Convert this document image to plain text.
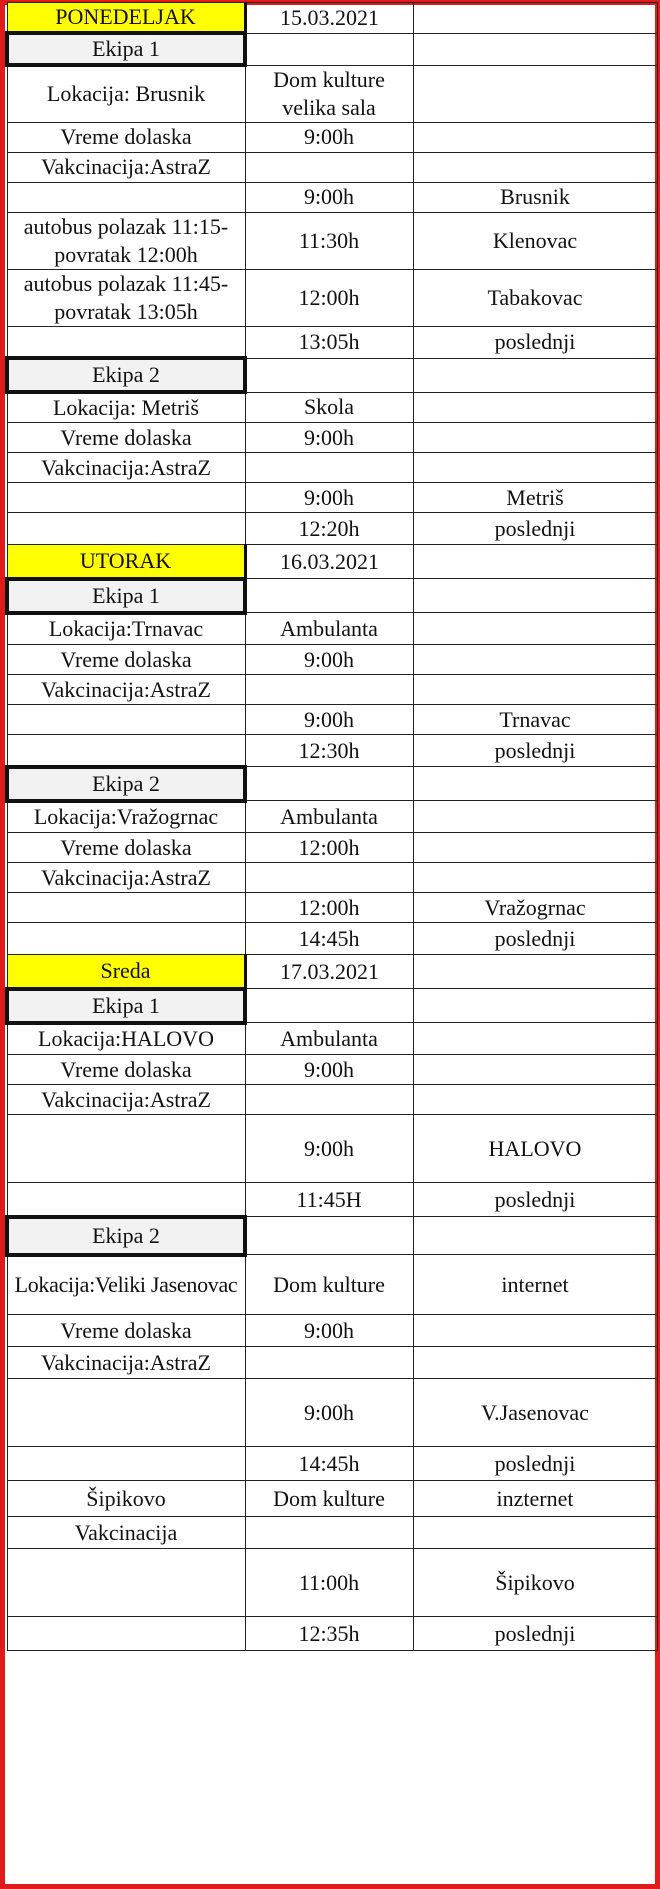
PONEDELJAK	15.03.2021	
Ekipa 1		
Lokacija: Brusnik	Dom kulture velika sala	
Vreme dolaska	9:00h	
Vakcinacija:AstraZ		
	9:00h	Brusnik
autobus polazak 11:15- povratak 12:00h	11:30h	Klenovac
autobus polazak 11:45- povratak 13:05h	12:00h	Tabakovac
	13:05h	poslednji
Ekipa 2		
Lokacija: Metriš	Skola	
Vreme dolaska	9:00h	
Vakcinacija:AstraZ		
	9:00h	Metriš
	12:20h	poslednji
UTORAK	16.03.2021	
Ekipa 1		
Lokacija:Trnavac	Ambulanta	
Vreme dolaska	9:00h	
Vakcinacija:AstraZ		
	9:00h	Trnavac
	12:30h	poslednji
Ekipa 2		
Lokacija:Vražogrnac	Ambulanta	
Vreme dolaska	12:00h	
Vakcinacija:AstraZ		
	12:00h	Vražogrnac
	14:45h	poslednji
Sreda	17.03.2021	
Ekipa 1		
Lokacija:HALOVO	Ambulanta	
Vreme dolaska	9:00h	
Vakcinacija:AstraZ		
	9:00h	HALOVO
	11:45H	poslednji
Ekipa 2		
Lokacija:Veliki Jasenovac	Dom kulture	internet
Vreme dolaska	9:00h	
Vakcinacija:AstraZ		
	9:00h	V.Jasenovac
	14:45h	poslednji
Šipikovo	Dom kulture	inzternet
Vakcinacija		
	11:00h	Šipikovo
	12:35h	poslednji
